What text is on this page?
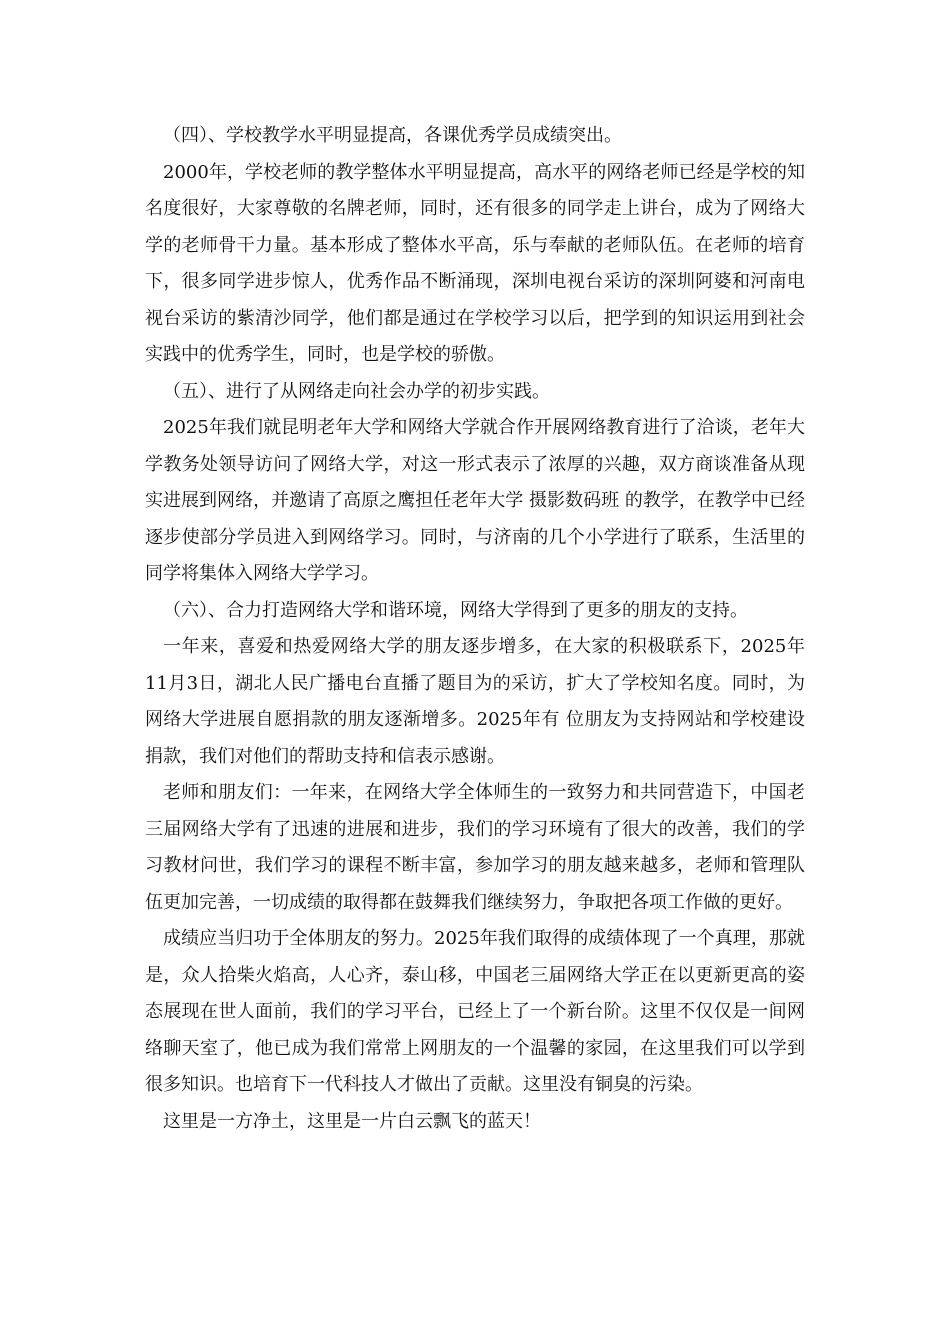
（四）、学校教学水平明显提高，各课优秀学员成绩突出。

2000年，学校老师的教学整体水平明显提高，高水平的网络老师已经是学校的知名度很好，大家尊敬的名牌老师，同时，还有很多的同学走上讲台，成为了网络大学的老师骨干力量。基本形成了整体水平高，乐与奉献的老师队伍。在老师的培育下，很多同学进步惊人，优秀作品不断涌现，深圳电视台采访的深圳阿婆和河南电视台采访的紫清沙同学，他们都是通过在学校学习以后，把学到的知识运用到社会实践中的优秀学生，同时，也是学校的骄傲。

（五）、进行了从网络走向社会办学的初步实践。

2025年我们就昆明老年大学和网络大学就合作开展网络教育进行了洽谈，老年大学教务处领导访问了网络大学，对这一形式表示了浓厚的兴趣，双方商谈准备从现实进展到网络，并邀请了高原之鹰担任老年大学 摄影数码班 的教学，在教学中已经逐步使部分学员进入到网络学习。同时，与济南的几个小学进行了联系，生活里的同学将集体入网络大学学习。

（六）、合力打造网络大学和谐环境，网络大学得到了更多的朋友的支持。

一年来，喜爱和热爱网络大学的朋友逐步增多，在大家的积极联系下，2025年11月3日，湖北人民广播电台直播了题目为的采访，扩大了学校知名度。同时，为网络大学进展自愿捐款的朋友逐渐增多。2025年有 位朋友为支持网站和学校建设捐款，我们对他们的帮助支持和信表示感谢。

老师和朋友们：一年来，在网络大学全体师生的一致努力和共同营造下，中国老三届网络大学有了迅速的进展和进步，我们的学习环境有了很大的改善，我们的学习教材问世，我们学习的课程不断丰富，参加学习的朋友越来越多，老师和管理队伍更加完善，一切成绩的取得都在鼓舞我们继续努力，争取把各项工作做的更好。

成绩应当归功于全体朋友的努力。2025年我们取得的成绩体现了一个真理，那就是，众人拾柴火焰高，人心齐，泰山移，中国老三届网络大学正在以更新更高的姿态展现在世人面前，我们的学习平台，已经上了一个新台阶。这里不仅仅是一间网络聊天室了，他已成为我们常常上网朋友的一个温馨的家园，在这里我们可以学到很多知识。也培育下一代科技人才做出了贡献。这里没有铜臭的污染。

这里是一方净土，这里是一片白云飘飞的蓝天！
